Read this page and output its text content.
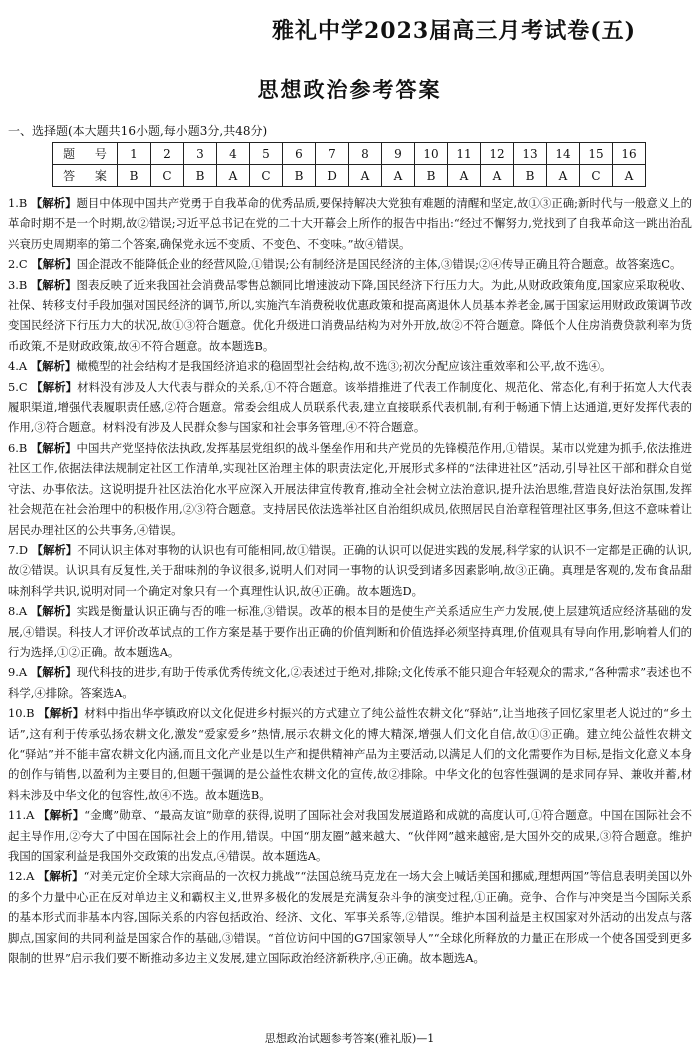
雅礼中学2023届高三月考试卷(五)
思想政治参考答案
一、选择题(本大题共16小题,每小题3分,共48分)
题 号	1	2	3	4	5	6	7	8	9	10	11	12	13	14	15	16
答 案	B	C	B	A	C	B	D	A	A	B	A	A	B	A	C	A
1.B 【解析】题目中体现中国共产党勇于自我革命的优秀品质,要保持解决大党独有难题的清醒和坚定,故①③正确;新时代与一般意义上的革命时期不是一个时期,故②错误;习近平总书记在党的二十大开幕会上所作的报告中指出:“经过不懈努力,党找到了自我革命这一跳出治乱兴衰历史周期率的第二个答案,确保党永远不变质、不变色、不变味。”故④错误。
2.C 【解析】国企混改不能降低企业的经营风险,①错误;公有制经济是国民经济的主体,③错误;②④传导正确且符合题意。故答案选C。
3.B 【解析】图表反映了近来我国社会消费品零售总额同比增速波动下降,国民经济下行压力大。为此,从财政政策角度,国家应采取税收、社保、转移支付手段加强对国民经济的调节,所以,实施汽车消费税收优惠政策和提高离退休人员基本养老金,属于国家运用财政政策调节改变国民经济下行压力大的状况,故①③符合题意。优化升级进口消费品结构为对外开放,故②不符合题意。降低个人住房消费贷款利率为货币政策,不是财政政策,故④不符合题意。故本题选B。
4.A 【解析】橄榄型的社会结构才是我国经济追求的稳固型社会结构,故不选③;初次分配应该注重效率和公平,故不选④。
5.C 【解析】材料没有涉及人大代表与群众的关系,①不符合题意。该举措推进了代表工作制度化、规范化、常态化,有利于拓宽人大代表履职渠道,增强代表履职责任感,②符合题意。常委会组成人员联系代表,建立直接联系代表机制,有利于畅通下情上达通道,更好发挥代表的作用,③符合题意。材料没有涉及人民群众参与国家和社会事务管理,④不符合题意。
6.B 【解析】中国共产党坚持依法执政,发挥基层党组织的战斗堡垒作用和共产党员的先锋模范作用,①错误。某市以党建为抓手,依法推进社区工作,依据法律法规制定社区工作清单,实现社区治理主体的职责法定化,开展形式多样的“法律进社区”活动,引导社区干部和群众自觉守法、办事依法。这说明提升社区法治化水平应深入开展法律宣传教育,推动全社会树立法治意识,提升法治思维,营造良好法治氛围,发挥社会规范在社会治理中的积极作用,②③符合题意。支持居民依法选举社区自治组织成员,依照居民自治章程管理社区事务,但这不意味着让居民办理社区的公共事务,④错误。
7.D 【解析】不同认识主体对事物的认识也有可能相同,故①错误。正确的认识可以促进实践的发展,科学家的认识不一定都是正确的认识,故②错误。认识具有反复性,关于甜味剂的争议很多,说明人们对同一事物的认识受到诸多因素影响,故③正确。真理是客观的,发布食品甜味剂科学共识,说明对同一个确定对象只有一个真理性认识,故④正确。故本题选D。
8.A 【解析】实践是衡量认识正确与否的唯一标准,③错误。改革的根本目的是使生产关系适应生产力发展,使上层建筑适应经济基础的发展,④错误。科技人才评价改革试点的工作方案是基于要作出正确的价值判断和价值选择必须坚持真理,价值观具有导向作用,影响着人们的行为选择,①②正确。故本题选A。
9.A 【解析】现代科技的进步,有助于传承优秀传统文化,②表述过于绝对,排除;文化传承不能只迎合年轻观众的需求,“各种需求”表述也不科学,④排除。答案选A。
10.B 【解析】材料中指出华亭镇政府以文化促进乡村振兴的方式建立了纯公益性农耕文化“驿站”,让当地孩子回忆家里老人说过的“乡土话”,这有利于传承弘扬农耕文化,激发“爱家爱乡”热情,展示农耕文化的博大精深,增强人们文化自信,故①③正确。建立纯公益性农耕文化“驿站”并不能丰富农耕文化内涵,而且文化产业是以生产和提供精神产品为主要活动,以满足人们的文化需要作为目标,是指文化意义本身的创作与销售,以盈利为主要目的,但题干强调的是公益性农耕文化的宣传,故②排除。中华文化的包容性强调的是求同存异、兼收并蓄,材料未涉及中华文化的包容性,故④不选。故本题选B。
11.A 【解析】“金鹰”勋章、“最高友谊”勋章的获得,说明了国际社会对我国发展道路和成就的高度认可,①符合题意。中国在国际社会不起主导作用,②夸大了中国在国际社会上的作用,错误。中国“朋友圈”越来越大、“伙伴网”越来越密,是大国外交的成果,③符合题意。维护我国的国家利益是我国外交政策的出发点,④错误。故本题选A。
12.A 【解析】“对美元定价全球大宗商品的一次权力挑战”“法国总统马克龙在一场大会上喊话美国和挪威,理想两国”等信息表明美国以外的多个力量中心正在反对单边主义和霸权主义,世界多极化的发展是充满复杂斗争的演变过程,①正确。竞争、合作与冲突是当今国际关系的基本形式而非基本内容,国际关系的内容包括政治、经济、文化、军事关系等,②错误。维护本国利益是主权国家对外活动的出发点与落脚点,国家间的共同利益是国家合作的基础,③错误。“首位访问中国的G7国家领导人”“全球化所释放的力量正在形成一个使各国受到更多限制的世界”启示我们要不断推动多边主义发展,建立国际政治经济新秩序,④正确。故本题选A。
思想政治试题参考答案(雅礼版)—1
